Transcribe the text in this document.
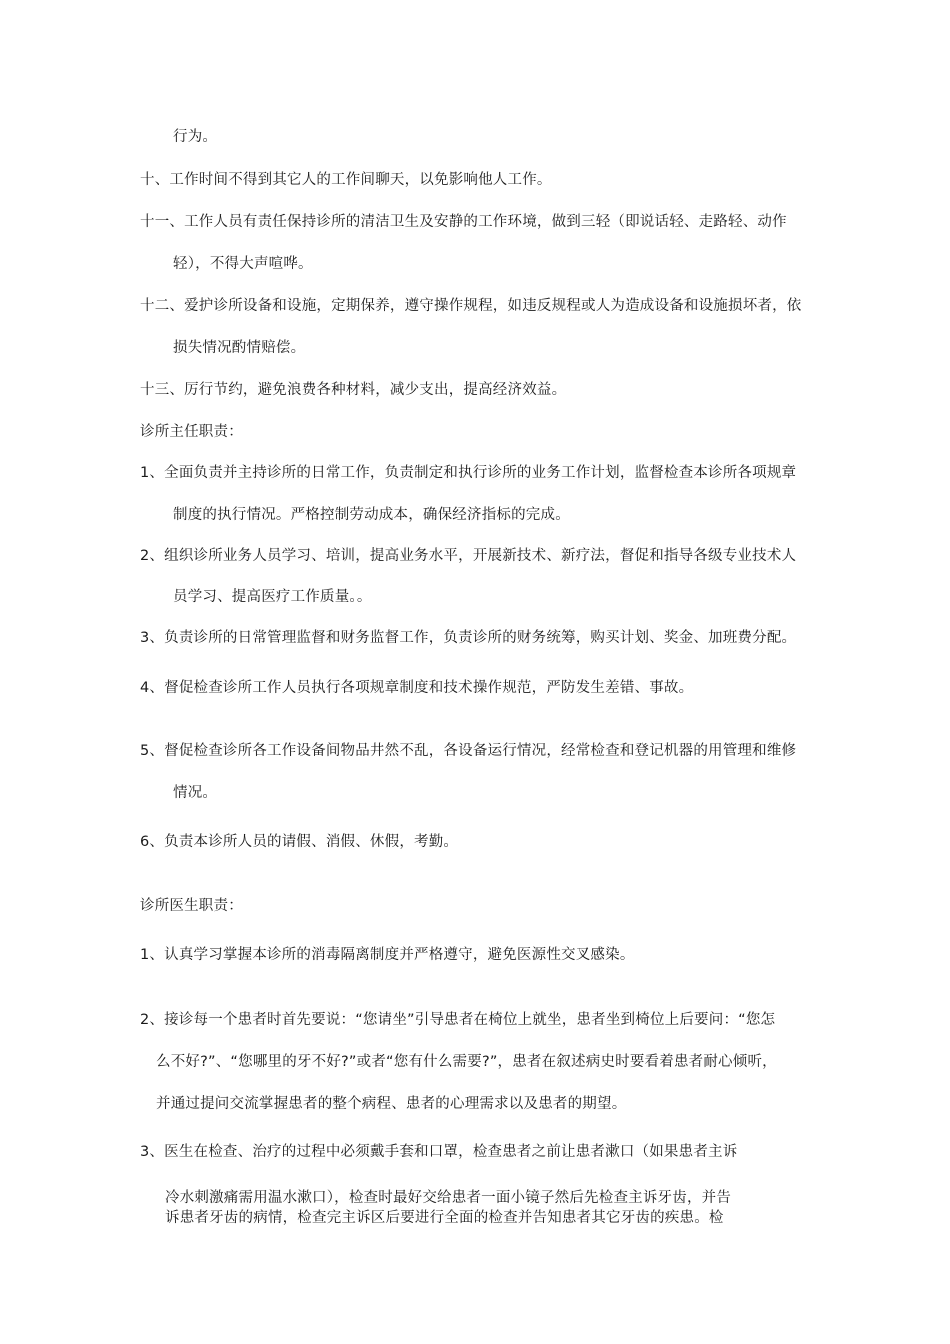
行为。
十、工作时间不得到其它人的工作间聊天，以免影响他人工作。
十一、工作人员有责任保持诊所的清洁卫生及安静的工作环境，做到三轻（即说话轻、走路轻、动作
轻），不得大声喧哗。
十二、爱护诊所设备和设施，定期保养，遵守操作规程，如违反规程或人为造成设备和设施损坏者，依
损失情况酌情赔偿。
十三、厉行节约，避免浪费各种材料，减少支出，提高经济效益。
诊所主任职责：
1、全面负责并主持诊所的日常工作，负责制定和执行诊所的业务工作计划，监督检查本诊所各项规章
制度的执行情况。严格控制劳动成本，确保经济指标的完成。
2、组织诊所业务人员学习、培训，提高业务水平，开展新技术、新疗法，督促和指导各级专业技术人
员学习、提高医疗工作质量。。
3、负责诊所的日常管理监督和财务监督工作，负责诊所的财务统筹，购买计划、奖金、加班费分配。
4、督促检查诊所工作人员执行各项规章制度和技术操作规范，严防发生差错、事故。
5、督促检查诊所各工作设备间物品井然不乱，各设备运行情况，经常检查和登记机器的用管理和维修
情况。
6、负责本诊所人员的请假、消假、休假，考勤。
诊所医生职责：
1、认真学习掌握本诊所的消毒隔离制度并严格遵守，避免医源性交叉感染。
2、接诊每一个患者时首先要说：“您请坐”引导患者在椅位上就坐，患者坐到椅位上后要问：“您怎
么不好?”、“您哪里的牙不好?”或者“您有什么需要?”，患者在叙述病史时要看着患者耐心倾听，
并通过提问交流掌握患者的整个病程、患者的心理需求以及患者的期望。
3、医生在检查、治疗的过程中必须戴手套和口罩，检查患者之前让患者漱口（如果患者主诉
冷水刺激痛需用温水漱口），检查时最好交给患者一面小镜子然后先检查主诉牙齿，并告
诉患者牙齿的病情，检查完主诉区后要进行全面的检查并告知患者其它牙齿的疾患。检
